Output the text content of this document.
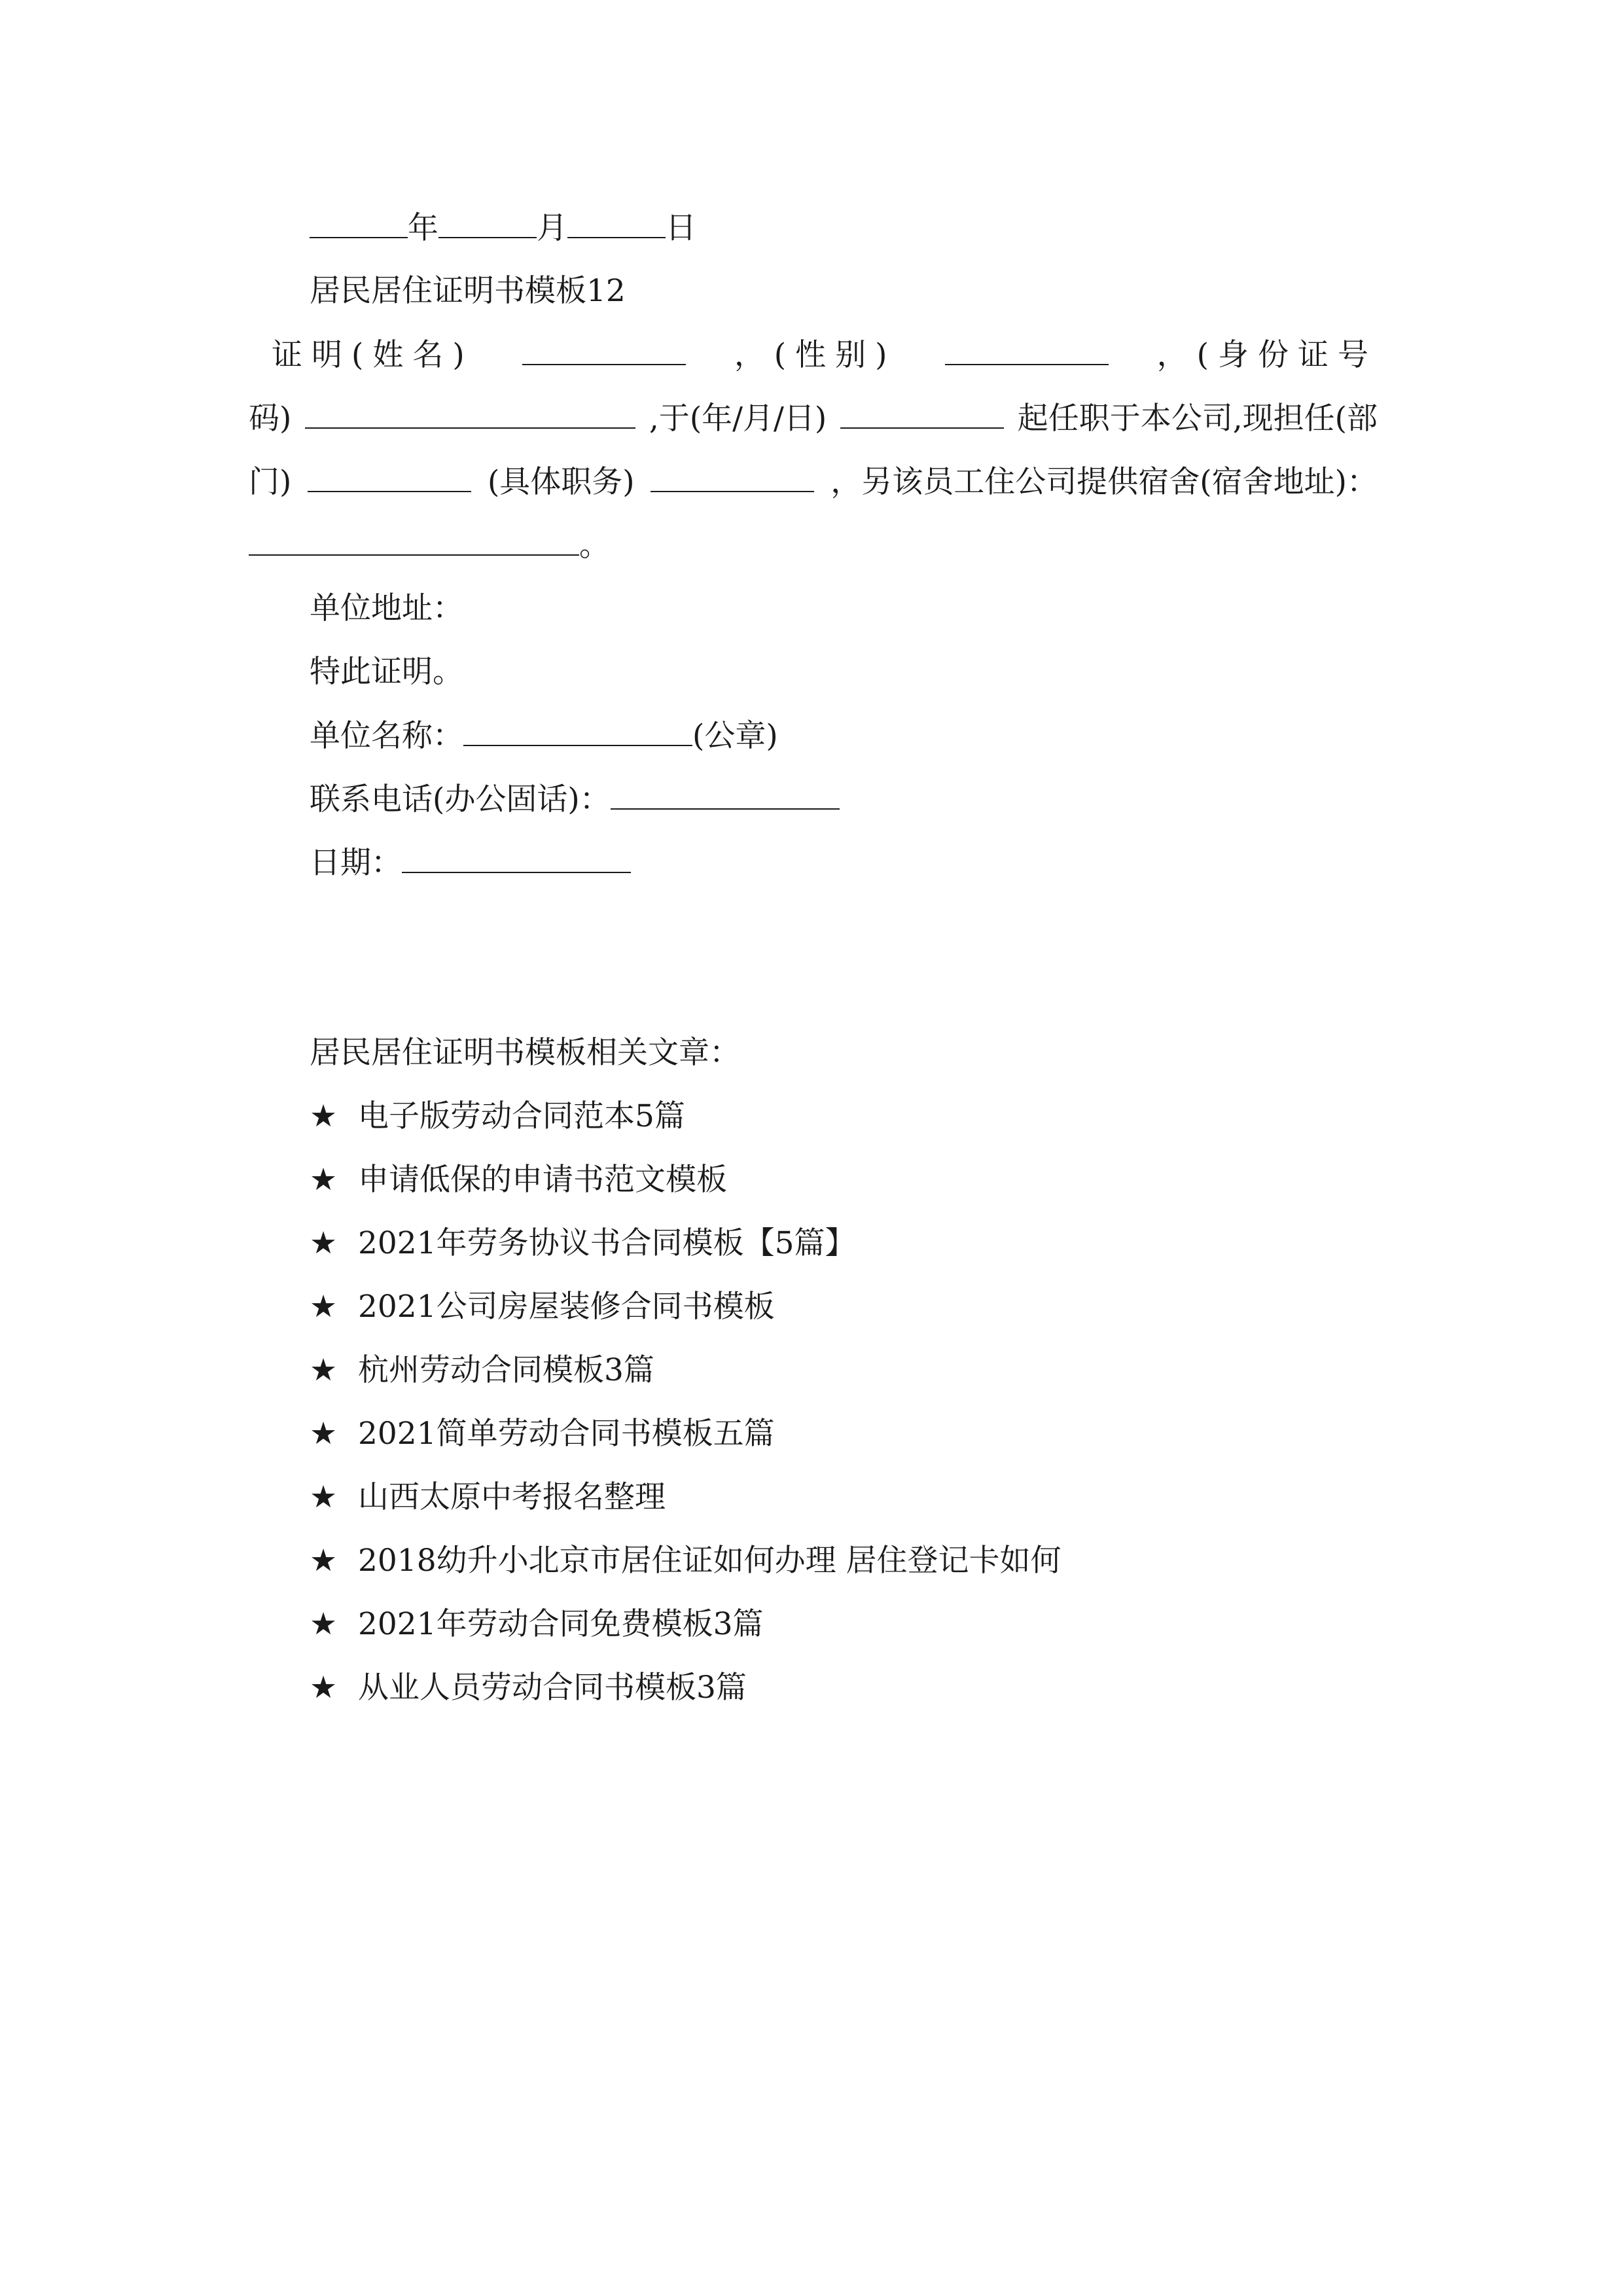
年	月	日
居民居住证明书模板12
证明(姓名)	，(性别)	，(身份证号
码)	,于(年/月/日)	起任职于本公司,现担任(部
门)	(具体职务)	，另该员工住公司提供宿舍(宿舍地址)：
。
单位地址：
特此证明。
单位名称：	(公章)
联系电话(办公固话)：
日期：
居民居住证明书模板相关文章：
★ 电子版劳动合同范本5篇
★ 申请低保的申请书范文模板
★ 2021年劳务协议书合同模板【5篇】
★ 2021公司房屋装修合同书模板
★ 杭州劳动合同模板3篇
★ 2021简单劳动合同书模板五篇
★ 山西太原中考报名整理
★ 2018幼升小北京市居住证如何办理 居住登记卡如何
★ 2021年劳动合同免费模板3篇
★ 从业人员劳动合同书模板3篇
